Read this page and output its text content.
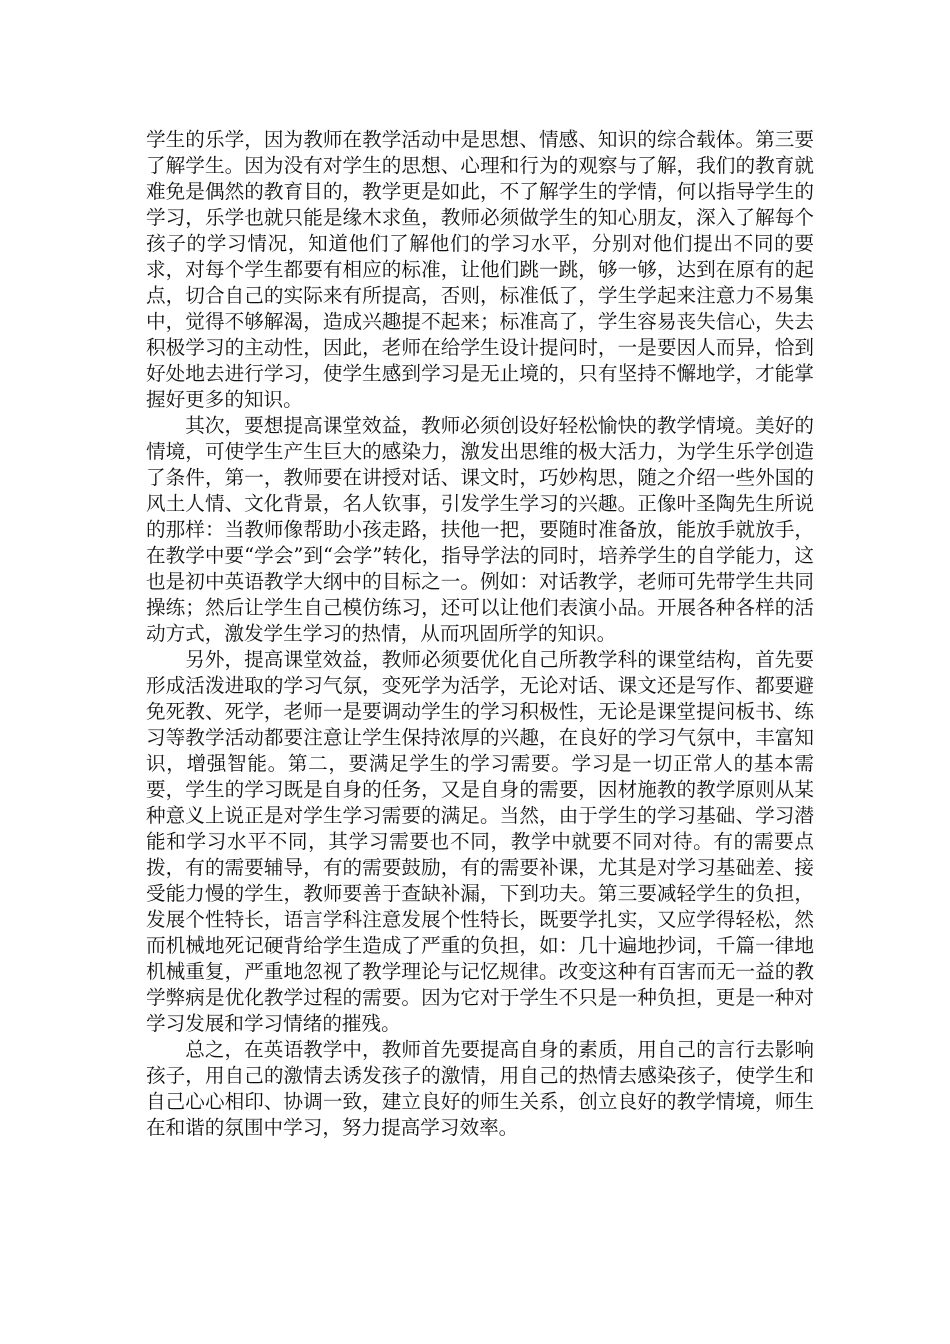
学生的乐学，因为教师在教学活动中是思想、情感、知识的综合载体。第三要了解学生。因为没有对学生的思想、心理和行为的观察与了解，我们的教育就难免是偶然的教育目的，教学更是如此，不了解学生的学情，何以指导学生的学习，乐学也就只能是缘木求鱼，教师必须做学生的知心朋友，深入了解每个孩子的学习情况，知道他们了解他们的学习水平，分别对他们提出不同的要求，对每个学生都要有相应的标准，让他们跳一跳，够一够，达到在原有的起点，切合自己的实际来有所提高，否则，标准低了，学生学起来注意力不易集中，觉得不够解渴，造成兴趣提不起来；标准高了，学生容易丧失信心，失去积极学习的主动性，因此，老师在给学生设计提问时，一是要因人而异，恰到好处地去进行学习，使学生感到学习是无止境的，只有坚持不懈地学，才能掌握好更多的知识。

其次，要想提高课堂效益，教师必须创设好轻松愉快的教学情境。美好的情境，可使学生产生巨大的感染力，激发出思维的极大活力，为学生乐学创造了条件，第一，教师要在讲授对话、课文时，巧妙构思，随之介绍一些外国的风土人情、文化背景，名人钦事，引发学生学习的兴趣。正像叶圣陶先生所说的那样：当教师像帮助小孩走路，扶他一把，要随时准备放，能放手就放手，在教学中要“学会”到“会学”转化，指导学法的同时，培养学生的自学能力，这也是初中英语教学大纲中的目标之一。例如：对话教学，老师可先带学生共同操练；然后让学生自己模仿练习，还可以让他们表演小品。开展各种各样的活动方式，激发学生学习的热情，从而巩固所学的知识。

另外，提高课堂效益，教师必须要优化自己所教学科的课堂结构，首先要形成活泼进取的学习气氛，变死学为活学，无论对话、课文还是写作、都要避免死教、死学，老师一是要调动学生的学习积极性，无论是课堂提问板书、练习等教学活动都要注意让学生保持浓厚的兴趣，在良好的学习气氛中，丰富知识，增强智能。第二，要满足学生的学习需要。学习是一切正常人的基本需要，学生的学习既是自身的任务，又是自身的需要，因材施教的教学原则从某种意义上说正是对学生学习需要的满足。当然，由于学生的学习基础、学习潜能和学习水平不同，其学习需要也不同，教学中就要不同对待。有的需要点拨，有的需要辅导，有的需要鼓励，有的需要补课，尤其是对学习基础差、接受能力慢的学生，教师要善于查缺补漏，下到功夫。第三要减轻学生的负担，发展个性特长，语言学科注意发展个性特长，既要学扎实，又应学得轻松，然而机械地死记硬背给学生造成了严重的负担，如：几十遍地抄词，千篇一律地机械重复，严重地忽视了教学理论与记忆规律。改变这种有百害而无一益的教学弊病是优化教学过程的需要。因为它对于学生不只是一种负担，更是一种对学习发展和学习情绪的摧残。

总之，在英语教学中，教师首先要提高自身的素质，用自己的言行去影响孩子，用自己的激情去诱发孩子的激情，用自己的热情去感染孩子，使学生和自己心心相印、协调一致，建立良好的师生关系，创立良好的教学情境，师生在和谐的氛围中学习，努力提高学习效率。
